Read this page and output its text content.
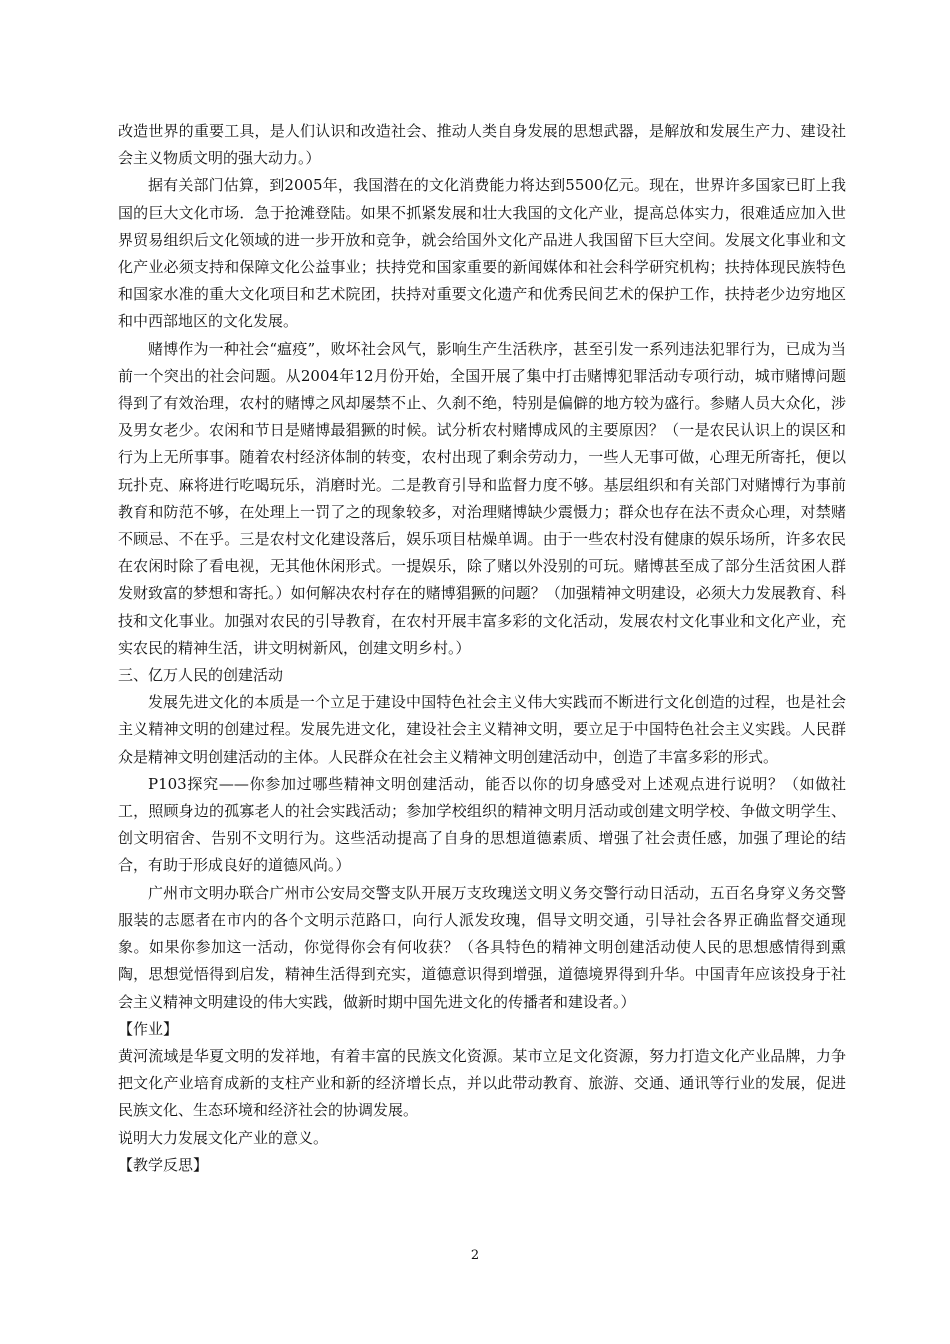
改造世界的重要工具，是人们认识和改造社会、推动人类自身发展的思想武器，是解放和发展生产力、建设社会主义物质文明的强大动力。）

据有关部门估算，到2005年，我国潜在的文化消费能力将达到5500亿元。现在，世界许多国家已盯上我国的巨大文化市场．急于抢滩登陆。如果不抓紧发展和壮大我国的文化产业，提高总体实力，很难适应加入世界贸易组织后文化领域的进一步开放和竞争，就会给国外文化产品进人我国留下巨大空间。发展文化事业和文化产业必须支持和保障文化公益事业；扶持党和国家重要的新闻媒体和社会科学研究机构；扶持体现民族特色和国家水准的重大文化项目和艺术院团，扶持对重要文化遗产和优秀民间艺术的保护工作，扶持老少边穷地区和中西部地区的文化发展。

赌博作为一种社会“瘟疫”，败坏社会风气，影响生产生活秩序，甚至引发一系列违法犯罪行为，已成为当前一个突出的社会问题。从2004年12月份开始，全国开展了集中打击赌博犯罪活动专项行动，城市赌博问题得到了有效治理，农村的赌博之风却屡禁不止、久刹不绝，特别是偏僻的地方较为盛行。参赌人员大众化，涉及男女老少。农闲和节日是赌博最猖獗的时候。试分析农村赌博成风的主要原因？（一是农民认识上的误区和行为上无所事事。随着农村经济体制的转变，农村出现了剩余劳动力，一些人无事可做，心理无所寄托，便以玩扑克、麻将进行吃喝玩乐，消磨时光。二是教育引导和监督力度不够。基层组织和有关部门对赌博行为事前教育和防范不够，在处理上一罚了之的现象较多，对治理赌博缺少震慑力；群众也存在法不责众心理，对禁赌不顾忌、不在乎。三是农村文化建设落后，娱乐项目枯燥单调。由于一些农村没有健康的娱乐场所，许多农民在农闲时除了看电视，无其他休闲形式。一提娱乐，除了赌以外没别的可玩。赌博甚至成了部分生活贫困人群发财致富的梦想和寄托。）如何解决农村存在的赌博猖獗的问题？（加强精神文明建设，必须大力发展教育、科技和文化事业。加强对农民的引导教育，在农村开展丰富多彩的文化活动，发展农村文化事业和文化产业，充实农民的精神生活，讲文明树新风，创建文明乡村。）

三、亿万人民的创建活动

发展先进文化的本质是一个立足于建设中国特色社会主义伟大实践而不断进行文化创造的过程，也是社会主义精神文明的创建过程。发展先进文化，建设社会主义精神文明，要立足于中国特色社会主义实践。人民群众是精神文明创建活动的主体。人民群众在社会主义精神文明创建活动中，创造了丰富多彩的形式。

P103探究——你参加过哪些精神文明创建活动，能否以你的切身感受对上述观点进行说明？（如做社工，照顾身边的孤寡老人的社会实践活动；参加学校组织的精神文明月活动或创建文明学校、争做文明学生、创文明宿舍、告别不文明行为。这些活动提高了自身的思想道德素质、增强了社会责任感，加强了理论的结合，有助于形成良好的道德风尚。）

广州市文明办联合广州市公安局交警支队开展万支玫瑰送文明义务交警行动日活动，五百名身穿义务交警服装的志愿者在市内的各个文明示范路口，向行人派发玫瑰，倡导文明交通，引导社会各界正确监督交通现象。如果你参加这一活动，你觉得你会有何收获？（各具特色的精神文明创建活动使人民的思想感情得到熏陶，思想觉悟得到启发，精神生活得到充实，道德意识得到增强，道德境界得到升华。中国青年应该投身于社会主义精神文明建设的伟大实践，做新时期中国先进文化的传播者和建设者。）

【作业】

黄河流域是华夏文明的发祥地，有着丰富的民族文化资源。某市立足文化资源，努力打造文化产业品牌，力争把文化产业培育成新的支柱产业和新的经济增长点，并以此带动教育、旅游、交通、通讯等行业的发展，促进民族文化、生态环境和经济社会的协调发展。

说明大力发展文化产业的意义。

【教学反思】

2
